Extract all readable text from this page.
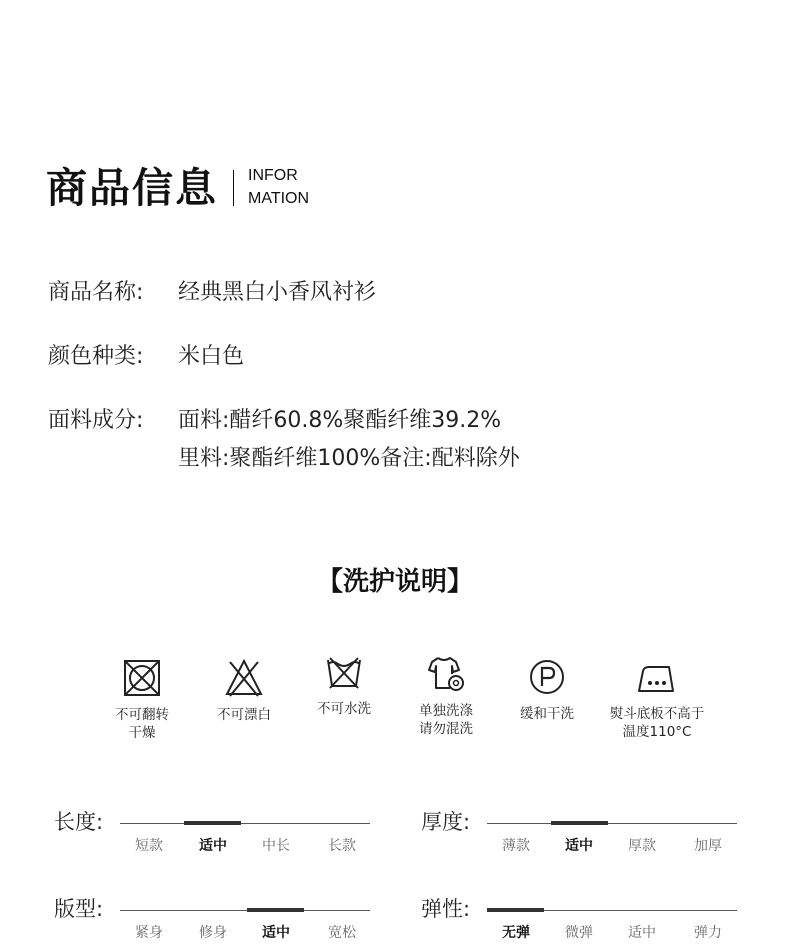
商品信息 INFOR
MATION
商品名称: 经典黑白小香风衬衫
颜色种类: 米白色
面料成分: 面料:醋纤60.8%聚酯纤维39.2%
里料:聚酯纤维100%备注:配料除外
【洗护说明】
不可翻转
干燥
不可漂白	不可水洗	单独洗涤
请勿混洗
缓和干洗	熨斗底板不高于
温度110°C
长度:
短款	适中	中长	长款
厚度:
薄款	适中	厚款	加厚
版型:
紧身	修身	适中	宽松
弹性:
无弹	微弹	适中	弹力
